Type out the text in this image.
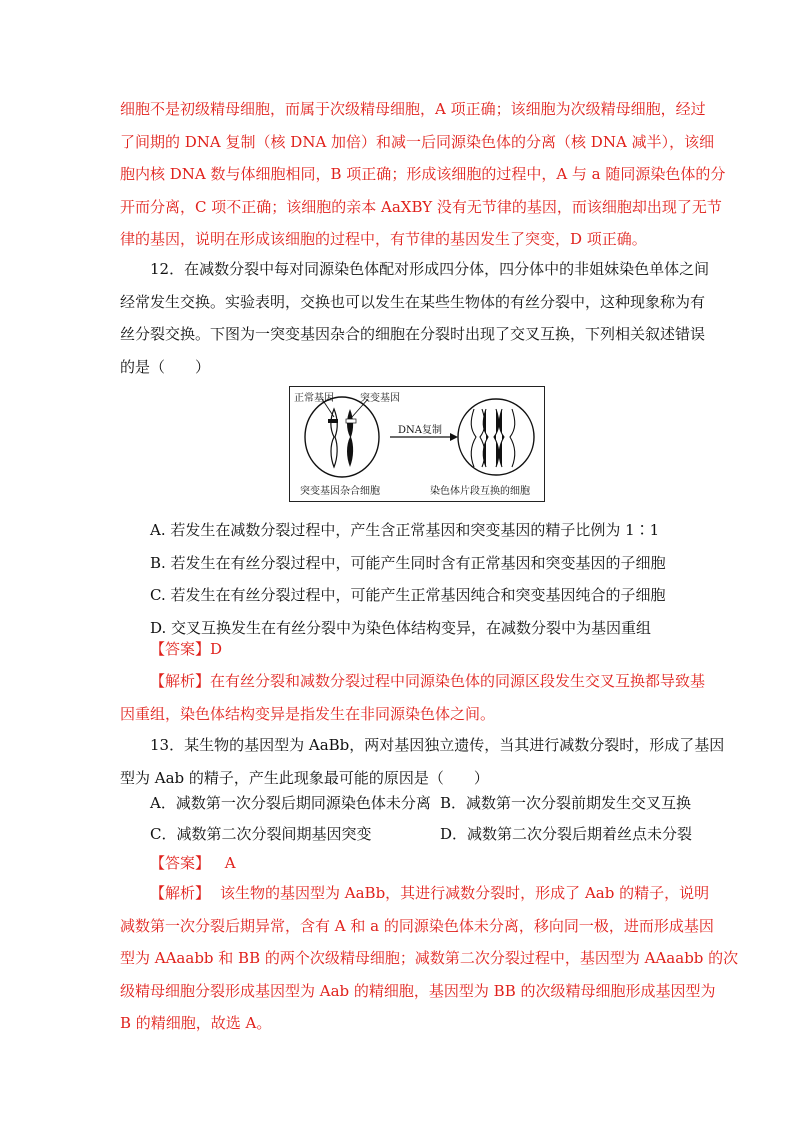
细胞不是初级精母细胞，而属于次级精母细胞，A 项正确；该细胞为次级精母细胞，经过
了间期的 DNA 复制（核 DNA 加倍）和减一后同源染色体的分离（核 DNA 减半），该细
胞内核 DNA 数与体细胞相同，B 项正确；形成该细胞的过程中，A 与 a 随同源染色体的分
开而分离，C 项不正确；该细胞的亲本 AaXBY 没有无节律的基因，而该细胞却出现了无节
律的基因，说明在形成该细胞的过程中，有节律的基因发生了突变，D 项正确。
12．在减数分裂中每对同源染色体配对形成四分体，四分体中的非姐妹染色单体之间
经常发生交换。实验表明，交换也可以发生在某些生物体的有丝分裂中，这种现象称为有
丝分裂交换。下图为一突变基因杂合的细胞在分裂时出现了交叉互换，下列相关叙述错误
的是（　　）
正常基因	突变基因
DNA复制
突变基因杂合细胞	染色体片段互换的细胞
A. 若发生在减数分裂过程中，产生含正常基因和突变基因的精子比例为 1∶1
B. 若发生在有丝分裂过程中，可能产生同时含有正常基因和突变基因的子细胞
C. 若发生在有丝分裂过程中，可能产生正常基因纯合和突变基因纯合的子细胞
D. 交叉互换发生在有丝分裂中为染色体结构变异，在减数分裂中为基因重组
【答案】D
【解析】在有丝分裂和减数分裂过程中同源染色体的同源区段发生交叉互换都导致基
因重组，染色体结构变异是指发生在非同源染色体之间。
13．某生物的基因型为 AaBb，两对基因独立遗传，当其进行减数分裂时，形成了基因
型为 Aab 的精子，产生此现象最可能的原因是（　　）
A．减数第一次分裂后期同源染色体未分离 B．减数第一次分裂前期发生交叉互换
C．减数第二次分裂间期基因突变	D．减数第二次分裂后期着丝点未分裂
【答案】 A
【解析】 该生物的基因型为 AaBb，其进行减数分裂时，形成了 Aab 的精子，说明
减数第一次分裂后期异常，含有 A 和 a 的同源染色体未分离，移向同一极，进而形成基因
型为 AAaabb 和 BB 的两个次级精母细胞；减数第二次分裂过程中，基因型为 AAaabb 的次
级精母细胞分裂形成基因型为 Aab 的精细胞，基因型为 BB 的次级精母细胞形成基因型为
B 的精细胞，故选 A。
